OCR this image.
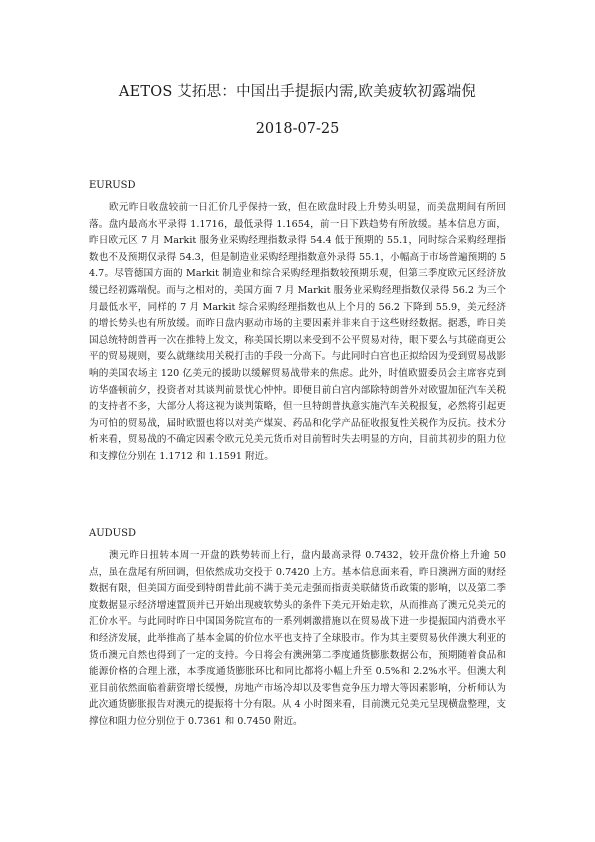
AETOS 艾拓思：中国出手提振内需,欧美疲软初露端倪
2018-07-25
EURUSD

欧元昨日收盘较前一日汇价几乎保持一致，但在欧盘时段上升势头明显，而美盘期间有所回落。盘内最高水平录得 1.1716，最低录得 1.1654，前一日下跌趋势有所放缓。基本信息方面，昨日欧元区 7 月 Markit 服务业采购经理指数录得 54.4 低于预期的 55.1，同时综合采购经理指数也不及预期仅录得 54.3，但是制造业采购经理指数意外录得 55.1，小幅高于市场普遍预期的 54.7。尽管德国方面的 Markit 制造业和综合采购经理指数较预期乐观，但第三季度欧元区经济放缓已经初露端倪。而与之相对的，美国方面 7 月 Markit 服务业采购经理指数仅录得 56.2 为三个月最低水平，同样的 7 月 Markit 综合采购经理指数也从上个月的 56.2 下降到 55.9，美元经济的增长势头也有所放缓。而昨日盘内驱动市场的主要因素并非来自于这些财经数据。据悉，昨日美国总统特朗普再一次在推特上发文，称美国长期以来受到不公平贸易对待，眼下要么与其磋商更公平的贸易规则，要么就继续用关税打击的手段一分高下。与此同时白宫也正拟给因为受到贸易战影响的美国农场主 120 亿美元的援助以缓解贸易战带来的焦虑。此外，时值欧盟委员会主席容克到访华盛顿前夕，投资者对其谈判前景忧心忡忡。即便目前白宫内部除特朗普外对欧盟加征汽车关税的支持者不多，大部分人将这视为谈判策略，但一旦特朗普执意实施汽车关税报复，必然将引起更为可怕的贸易战，届时欧盟也将以对美产煤炭、药品和化学产品征收报复性关税作为反抗。技术分析来看，贸易战的不确定因素令欧元兑美元货币对目前暂时失去明显的方向，目前其初步的阻力位和支撑位分别在 1.1712 和 1.1591 附近。

AUDUSD

澳元昨日扭转本周一开盘的跌势转而上行，盘内最高录得 0.7432，较开盘价格上升逾 50 点，虽在盘尾有所回调，但依然成功交投于 0.7420 上方。基本信息面来看，昨日澳洲方面的财经数据有限，但美国方面受到特朗普此前不满于美元走强而指责美联储货币政策的影响，以及第二季度数据显示经济增速置顶并已开始出现疲软势头的条件下美元开始走软，从而推高了澳元兑美元的汇价水平。与此同时昨日中国国务院宣布的一系列刺激措施以在贸易战下进一步提振国内消费水平和经济发展，此举推高了基本金属的价位水平也支持了全球股市。作为其主要贸易伙伴澳大利亚的货币澳元自然也得到了一定的支持。今日将会有澳洲第二季度通货膨胀数据公布，预期随着食品和能源价格的合理上涨，本季度通货膨胀环比和同比都将小幅上升至 0.5%和 2.2%水平。但澳大利亚目前依然面临着薪资增长缓慢，房地产市场冷却以及零售竞争压力增大等因素影响，分析师认为此次通货膨胀报告对澳元的提振将十分有限。从 4 小时图来看，目前澳元兑美元呈现横盘整理，支撑位和阻力位分别位于 0.7361 和 0.7450 附近。
